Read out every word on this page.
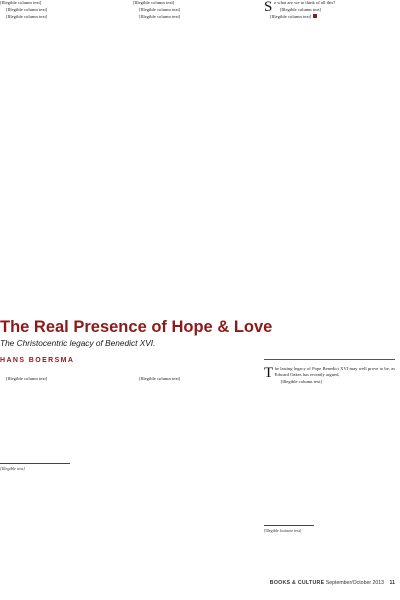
[Illegible column text]

[Illegible column text]

[Illegible column text]

[Illegible column text]

[Illegible column text]

[Illegible column text]

So what are we to think of all this?

[Illegible column text]

[Illegible column text]

The Real Presence of Hope & Love
The Christocentric legacy of Benedict XVI.
HANS BOERSMA

[Illegible column text]	[Illegible column text]

[Illegible text]

The lasting legacy of Pope Benedict XVI may well prove to be, as Edward Oakes has recently argued,

[Illegible column text]

[Illegible footnote text]
BOOKS & CULTURE September/October 2013 11
